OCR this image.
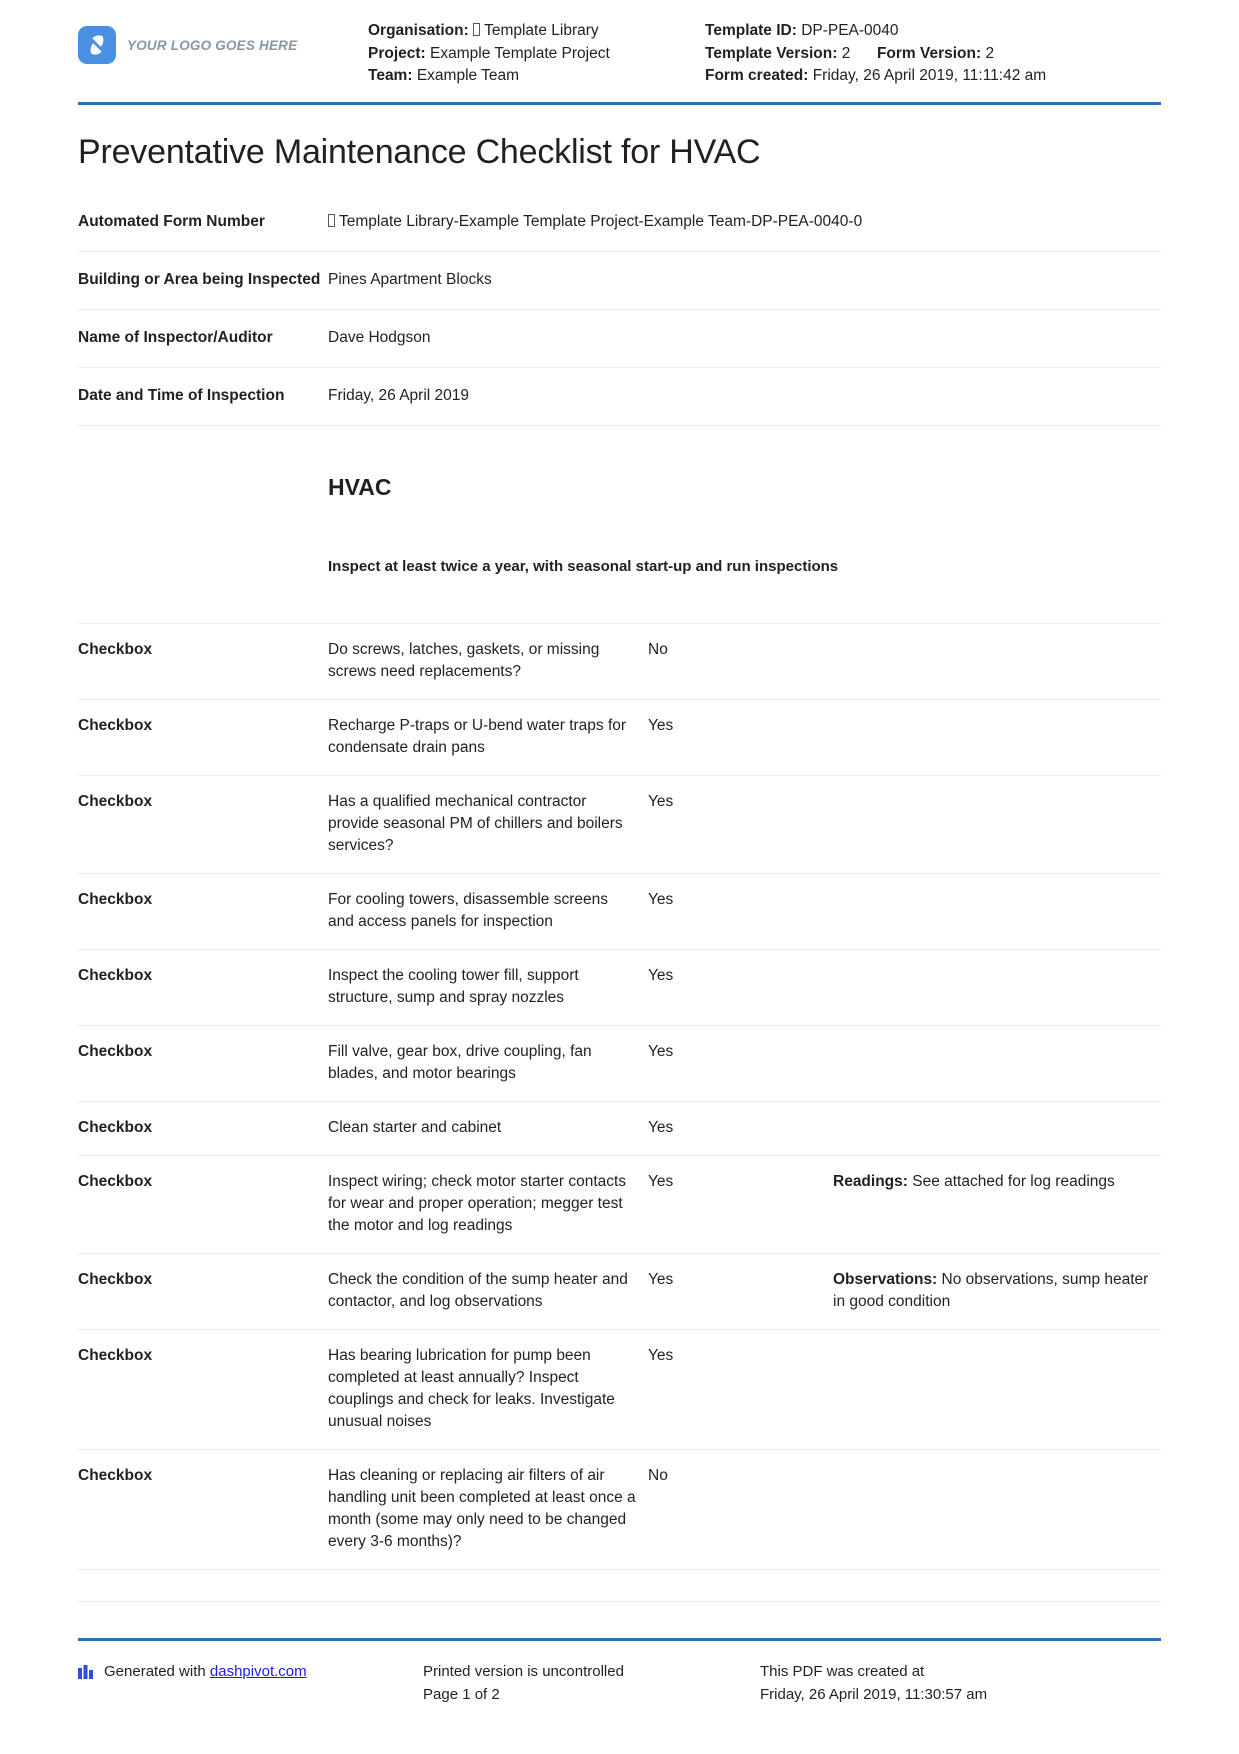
YOUR LOGO GOES HERE
Organisation: Template Library
Project: Example Template Project
Team: Example Team
Template ID: DP-PEA-0040
Template Version: 2 Form Version: 2
Form created: Friday, 26 April 2019, 11:11:42 am
Preventative Maintenance Checklist for HVAC
Automated Form Number	Template Library-Example Template Project-Example Team-DP-PEA-0040-0
Building or Area being Inspected	Pines Apartment Blocks
Name of Inspector/Auditor	Dave Hodgson
Date and Time of Inspection	Friday, 26 April 2019

	HVAC
Inspect at least twice a year, with seasonal start-up and run inspections
Checkbox	Do screws, latches, gaskets, or missing screws need replacements?	No	
Checkbox	Recharge P-traps or U-bend water traps for condensate drain pans	Yes	
Checkbox	Has a qualified mechanical contractor provide seasonal PM of chillers and boilers services?	Yes	
Checkbox	For cooling towers, disassemble screens and access panels for inspection	Yes	
Checkbox	Inspect the cooling tower fill, support structure, sump and spray nozzles	Yes	
Checkbox	Fill valve, gear box, drive coupling, fan blades, and motor bearings	Yes	
Checkbox	Clean starter and cabinet	Yes	
Checkbox	Inspect wiring; check motor starter contacts for wear and proper operation; megger test the motor and log readings	Yes	Readings: See attached for log readings
Checkbox	Check the condition of the sump heater and contactor, and log observations	Yes	Observations: No observations, sump heater in good condition
Checkbox	Has bearing lubrication for pump been completed at least annually? Inspect couplings and check for leaks. Investigate unusual noises	Yes	
Checkbox	Has cleaning or replacing air filters of air handling unit been completed at least once a month (some may only need to be changed every 3-6 months)?	No	

Generated with dashpivot.com	Printed version is uncontrolled
Page 1 of 2
This PDF was created at
Friday, 26 April 2019, 11:30:57 am
